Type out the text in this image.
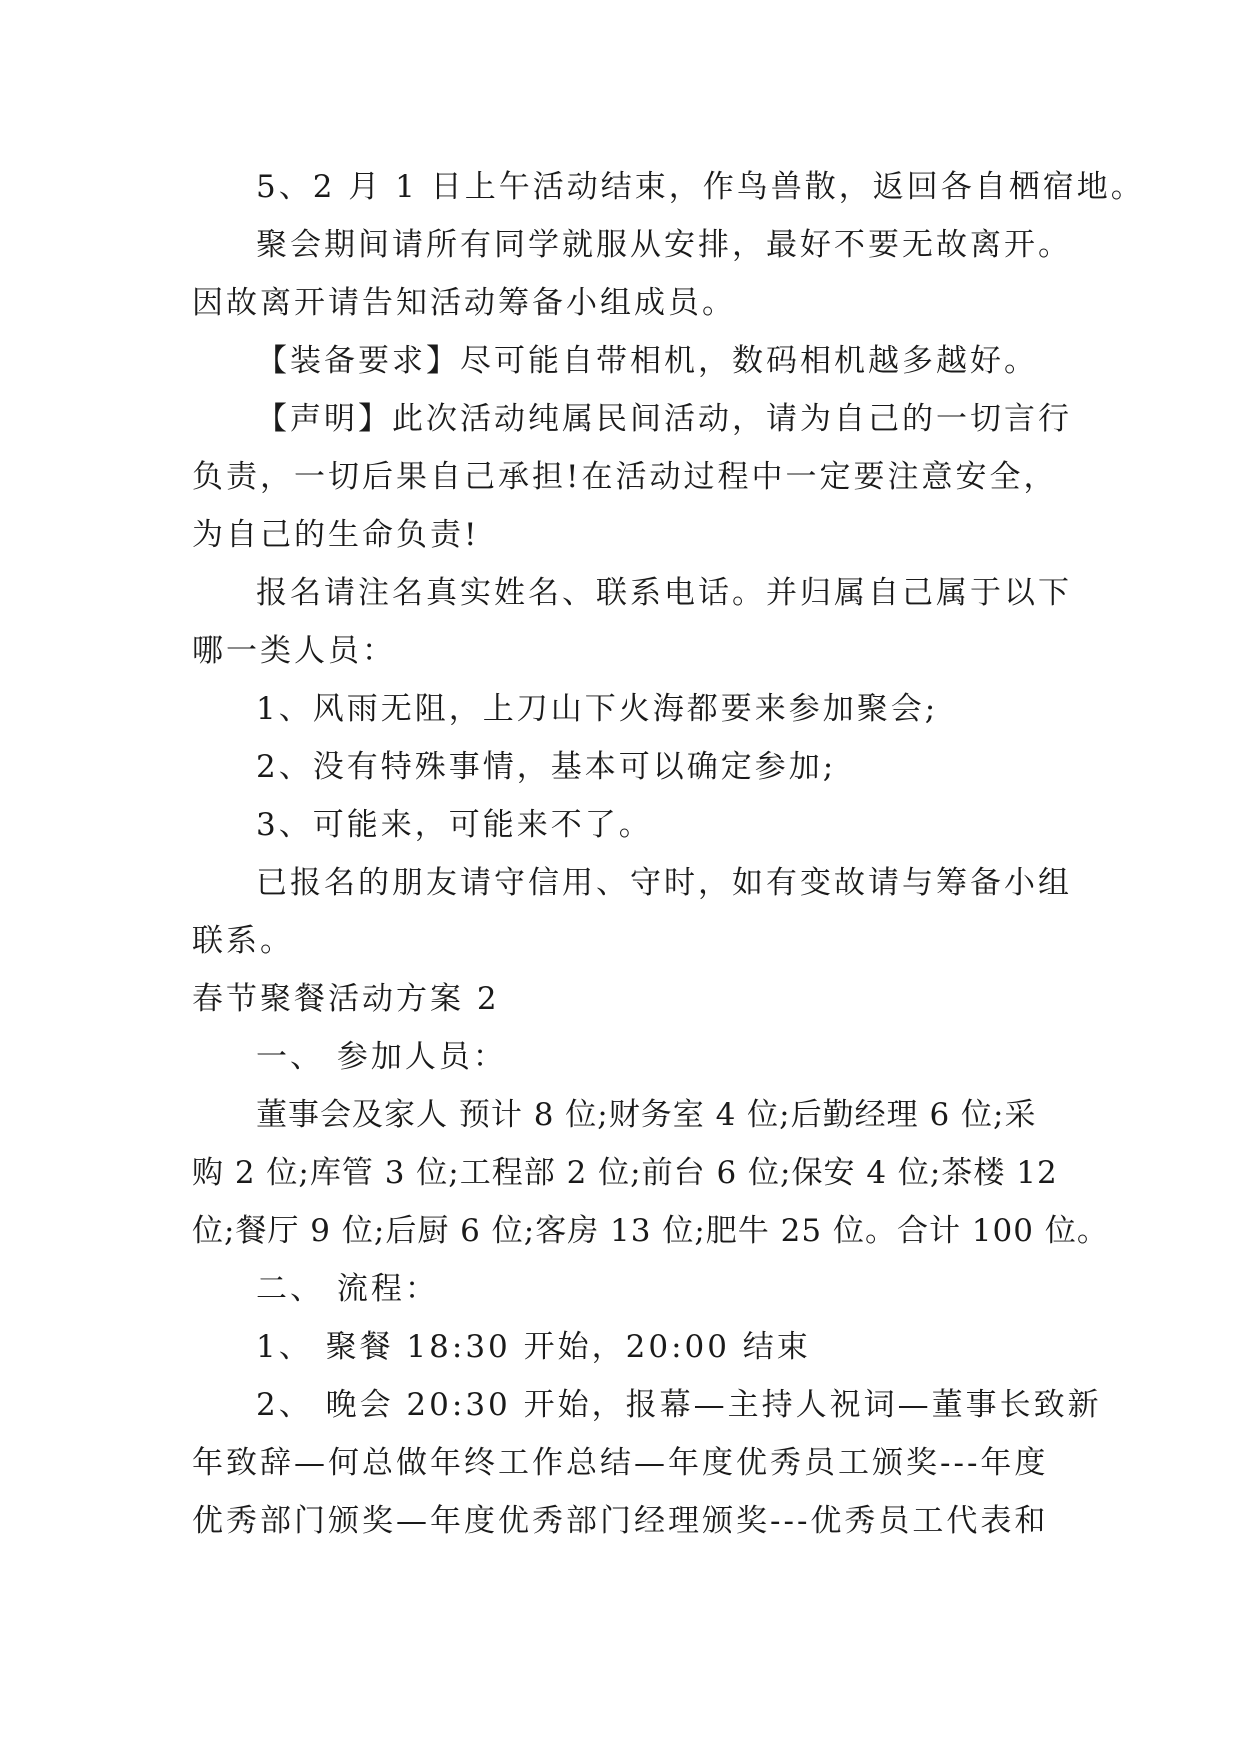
5、2 月 1 日上午活动结束，作鸟兽散，返回各自栖宿地。
聚会期间请所有同学就服从安排，最好不要无故离开。
因故离开请告知活动筹备小组成员。
【装备要求】尽可能自带相机，数码相机越多越好。
【声明】此次活动纯属民间活动，请为自己的一切言行
负责，一切后果自己承担!在活动过程中一定要注意安全，
为自己的生命负责!
报名请注名真实姓名、联系电话。并归属自己属于以下
哪一类人员：
1、风雨无阻，上刀山下火海都要来参加聚会;
2、没有特殊事情，基本可以确定参加;
3、可能来，可能来不了。
已报名的朋友请守信用、守时，如有变故请与筹备小组
联系。
春节聚餐活动方案 2
一、 参加人员：
董事会及家人 预计 8 位;财务室 4 位;后勤经理 6 位;采
购 2 位;库管 3 位;工程部 2 位;前台 6 位;保安 4 位;茶楼 12
位;餐厅 9 位;后厨 6 位;客房 13 位;肥牛 25 位。合计 100 位。
二、 流程：
1、 聚餐 18:30 开始，20:00 结束
2、 晚会 20:30 开始，报幕—主持人祝词—董事长致新
年致辞—何总做年终工作总结—年度优秀员工颁奖---年度
优秀部门颁奖—年度优秀部门经理颁奖---优秀员工代表和
